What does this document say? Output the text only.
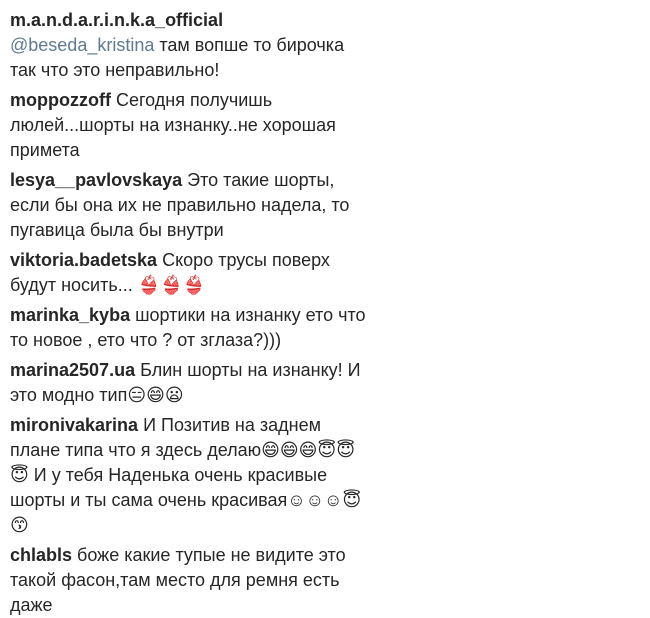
m.a.n.d.a.r.i.n.k.a_official @beseda_kristina там вопше то бирочка так что это неправильно!
moppozzoff Сегодня получишь люлей...шорты на изнанку..не хорошая примета
lesya__pavlovskaya Это такие шорты, если бы она их не правильно надела, то пугавица была бы внутри
viktoria.badetska Скоро трусы поверх будут носить... 👙👙👙
marinka_kyba шортики на изнанку ето что то новое , ето что ? от зглаза?)))
marina2507.ua Блин шорты на изнанку! И это модно тип😑😄😦
mironivakarina И Позитив на заднем плане типа что я здесь делаю😄😄😄😇😇😇 И у тебя Наденька очень красивые шорты и ты сама очень красивая☺☺☺😇😙
chlabls боже какие тупые не видите это такой фасон,там место для ремня есть даже
